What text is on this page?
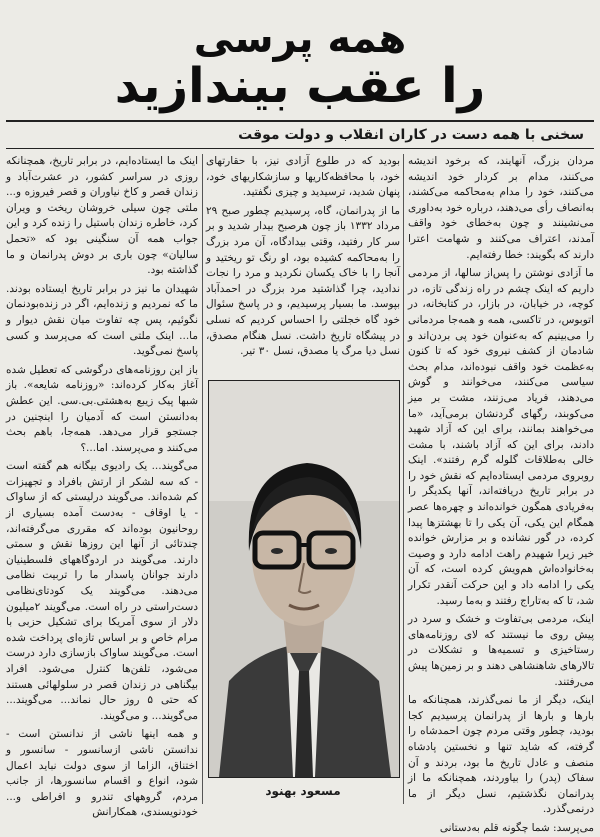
همه پرسی
را عقب بیندازید
سخنی با همه دست در کاران انقلاب و دولت موقت

مردان بزرگ، آنهایند، که برخود اندیشه می‌کنند، مدام بر کردار خود اندیشه می‌کنند، خود را مدام به‌محاکمه می‌کشند، به‌انصاف رأی می‌دهند، درباره خود به‌داوری می‌نشینند و چون به‌خطای خود واقف آمدند، اعتراف می‌کنند و شهامت اعترا دارند که بگویند: خطا رفته‌ایم.

ما آزادی نوشتن را پس‌از سالها، از مردمی داریم که اینک چشم در راه زندگی تازه، در کوچه، در خیابان، در بازار، در کتابخانه، در اتوبوس، در تاکسی، همه و همه‌جا مردمانی را می‌بینیم که به‌عنوان خود پی بردن‌اند و شادمان از کشف نیروی خود که تا کنون به‌عظمت خود واقف نبوده‌اند، مدام بحث سیاسی می‌کنند، می‌خوانند و گوش می‌دهند، فریاد می‌زنند، مشت بر میز می‌کوبند، رگهای گردنشان برمی‌آید، «ما می‌خواهند بمانند، برای این که آزاد شهید دادند، برای این که آزاد باشند، با مشت خالی به‌طلاقات گلوله گرم رفتند». اینک روبروی مردمی ایستاده‌ایم که نقش خود را در برابر تاریخ دریافته‌اند، آنها یکدیگر را به‌فریادی همگون خوانده‌اند و چهره‌ها عصر همگام این یکی، آن یکی را تا بهشتزها پیدا کرده، در گور نشانده و بر مزارش خوانده خیر زیرا شهیدم راهت ادامه دارد و وصیت به‌خانواده‌اش هم‌ویش کرده است، که آن یکی را ادامه داد و این حرکت آنقدر تکرار شد، تا که به‌تاراج رفتند و به‌ما رسید.

اینک، مردمی بی‌تفاوت و خشک و سرد در پیش روی ما نیستند که لای روزنامه‌های رستاخیزی و تسمیه‌ها و تشکلات در تالارهای شاهنشاهی دهند و بر زمین‌ها پیش می‌رفتند.

اینک، دیگر از ما نمی‌گذرند، همچنانکه ما بارها و بارها از پدرانمان پرسیدیم کجا بودید، چطور وقتی مردم چون احمدشاه را گرفته، که شاید تنها و نخستین پادشاه منصف و عادل تاریخ ما بود، بردند و آن سفاک (پدر) را بیاوردند، همچنانکه ما از پدرانمان نگذشتیم، نسل دیگر از ما درنمی‌گذرد.

می‌پرسد: شما چگونه قلم به‌دستانی

بودید که در طلوع آزادی نیز، با حقارتهای خود، با محافظه‌کاریها و سازشکاریهای خود، پنهان شدید، ترسیدید و چیزی نگفتید.

ما از پدرانمان، گاه، پرسیدیم چطور صبح ۲۹ مرداد ۱۳۳۲ باز چون هرصبح بیدار شدید و بر سر کار رفتید، وقتی بیدادگاه، آن مرد بزرگ را به‌محاکمه کشیده بود، او رنگ تو ریختید و آنجا را با خاک یکسان نکردید و مرد را نجات ندادید، چرا گذاشتید مرد بزرگ در احمدآباد بپوسد. ما بسیار پرسیدیم، و در پاسخ سئوال خود گاه خجلتی را احساس کردیم که نسلی در پیشگاه تاریخ داشت. نسل هنگام مصدق، نسل دیا مرگ یا مصدق، نسل ۳۰ تیر.

مسعود بهنود

اینک ما ایستاده‌ایم، در برابر تاریخ، همچنانکه روزی در سراسر کشور، در عشرت‌آباد و زندان قصر و کاخ نیاوران و قصر فیروزه و... ملتی چون سیلی خروشان ریخت و ویران کرد، خاطره زندان باستیل را زنده کرد و این جواب همه آن سنگینی بود که «تحمل سالیان» چون باری بر دوش پدرانمان و ما گذاشته بود.

شهیدان ما نیز در برابر تاریخ ایستاده بودند. ما که نمردیم و زنده‌ایم، اگر در زنده‌بودنمان نگوئیم، پس چه تفاوت میان نقش دیوار و ما... اینک ملتی است که می‌پرسد و کسی پاسخ نمی‌گوید.

باز این روزنامه‌های درگوشی که تعطیل شده آغاز به‌کار کرده‌اند: «روزنامه شایعه». باز شبها پیک زیبع به‌هشتی.بی.سی. این عطش به‌دانستن است که آدمیان را اینچنین در جستجو قرار می‌دهد. همه‌جا، باهم بحث می‌کنند و می‌پرسند. اما...؟

می‌گویند... یک رادیوی بیگانه هم گفته است - که سه لشکر از ارتش بافراد و تجهیزات کم شده‌اند. می‌گویند درلیستی که از ساواک - یا اوقاف - به‌دست آمده بسیاری از روحانیون بوده‌اند که مقرری می‌گرفته‌اند، چندتائی از آنها این روزها نقش و سمتی دارند. می‌گویند در اردوگاههای فلسطینیان دارند جوانان پاسدار ما را تربیت نظامی می‌دهند. می‌گویند یک کودتای‌نظامی دست‌راستی در راه است. می‌گویند ۲میلیون دلار از سوی آمریکا برای تشکیل حزبی با مرام خاص و بر اساس تازه‌ای پرداخت شده است. می‌گویند ساواک بازسازی دارد درست می‌شود، تلفن‌ها کنترل می‌شود. افراد بیگناهی در زندان قصر در سلولهائی هستند که حتی ۵ روز حال نماند... می‌گویند... می‌گویند... و می‌گویند.

و همه اینها ناشی از ندانستن است - ندانستن ناشی ازسانسور - سانسور و اختناق، الزاما از سوی دولت نباید اعمال شود، انواع و اقسام سانسورها، از جانب مردم، گروههای تندرو و افراطی و... خودنویسندی، همکارانش
